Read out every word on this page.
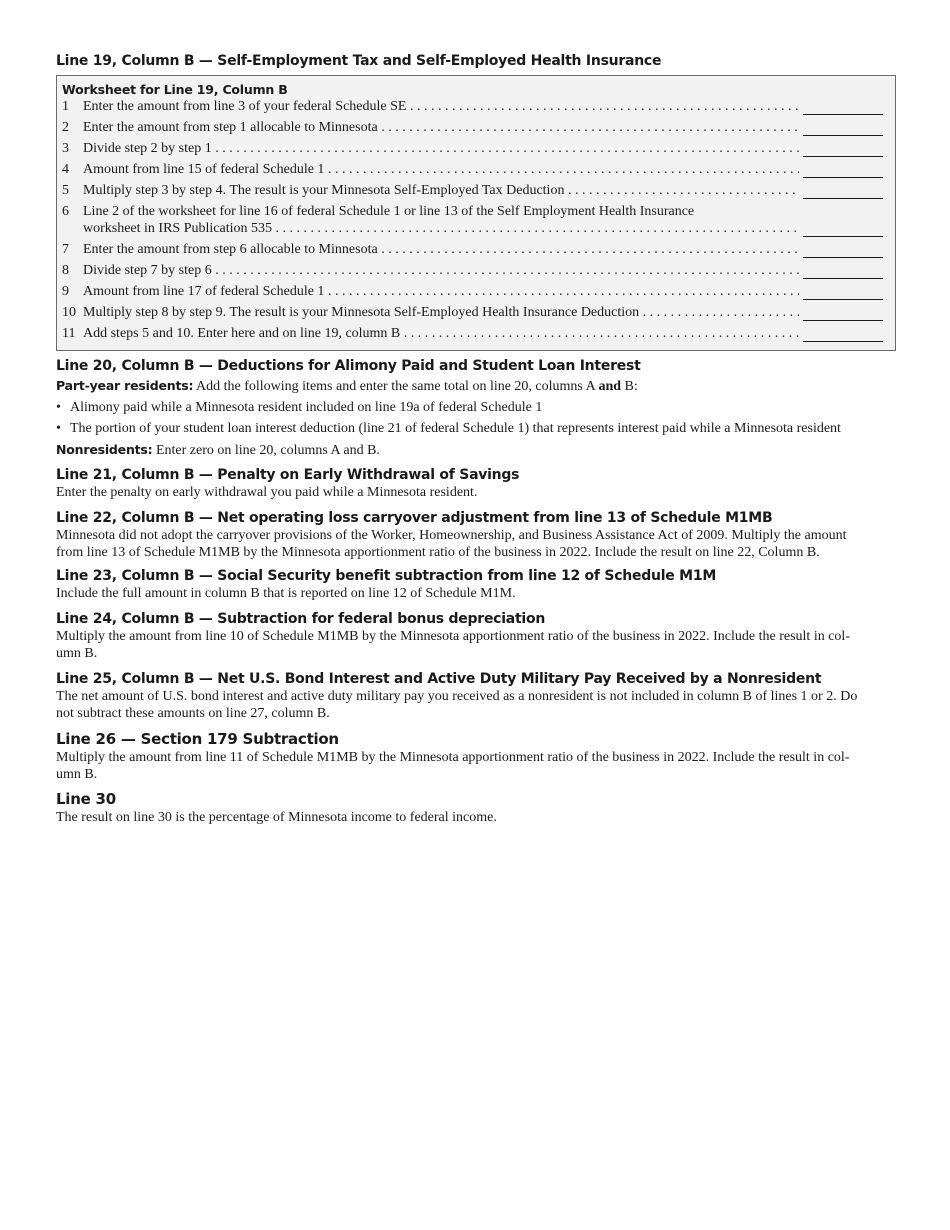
Line 19, Column B — Self-Employment Tax and Self-Employed Health Insurance
Worksheet for Line 19, Column B
1	Enter the amount from line 3 of your federal Schedule SE . . .
2	Enter the amount from step 1 allocable to Minnesota . . .
3	Divide step 2 by step 1 . . .
4	Amount from line 15 of federal Schedule 1 . . .
5	Multiply step 3 by step 4. The result is your Minnesota Self-Employed Tax Deduction . . .
6	Line 2 of the worksheet for line 16 of federal Schedule 1 or line 13 of the Self Employment Health Insurance
worksheet in IRS Publication 535 . . .
7	Enter the amount from step 6 allocable to Minnesota . . .
8	Divide step 7 by step 6 . . .
9	Amount from line 17 of federal Schedule 1 . . .
10 Multiply step 8 by step 9. The result is your Minnesota Self-Employed Health Insurance Deduction . . .
11 Add steps 5 and 10. Enter here and on line 19, column B . . .
Line 20, Column B — Deductions for Alimony Paid and Student Loan Interest

Part-year residents: Add the following items and enter the same total on line 20, columns A and B:

• Alimony paid while a Minnesota resident included on line 19a of federal Schedule 1
• The portion of your student loan interest deduction (line 21 of federal Schedule 1) that represents interest paid while a Minnesota resident

Nonresidents: Enter zero on line 20, columns A and B.

Line 21, Column B — Penalty on Early Withdrawal of Savings

Enter the penalty on early withdrawal you paid while a Minnesota resident.

Line 22, Column B — Net operating loss carryover adjustment from line 13 of Schedule M1MB

Minnesota did not adopt the carryover provisions of the Worker, Homeownership, and Business Assistance Act of 2009. Multiply the amount

from line 13 of Schedule M1MB by the Minnesota apportionment ratio of the business in 2022. Include the result on line 22, Column B.

Line 23, Column B — Social Security benefit subtraction from line 12 of Schedule M1M

Include the full amount in column B that is reported on line 12 of Schedule M1M.

Line 24, Column B — Subtraction for federal bonus depreciation

Multiply the amount from line 10 of Schedule M1MB by the Minnesota apportionment ratio of the business in 2022. Include the result in col-

umn B.

Line 25, Column B — Net U.S. Bond Interest and Active Duty Military Pay Received by a Nonresident

The net amount of U.S. bond interest and active duty military pay you received as a nonresident is not included in column B of lines 1 or 2. Do

not subtract these amounts on line 27, column B.

Line 26 — Section 179 Subtraction

Multiply the amount from line 11 of Schedule M1MB by the Minnesota apportionment ratio of the business in 2022. Include the result in col-

umn B.

Line 30

The result on line 30 is the percentage of Minnesota income to federal income.
